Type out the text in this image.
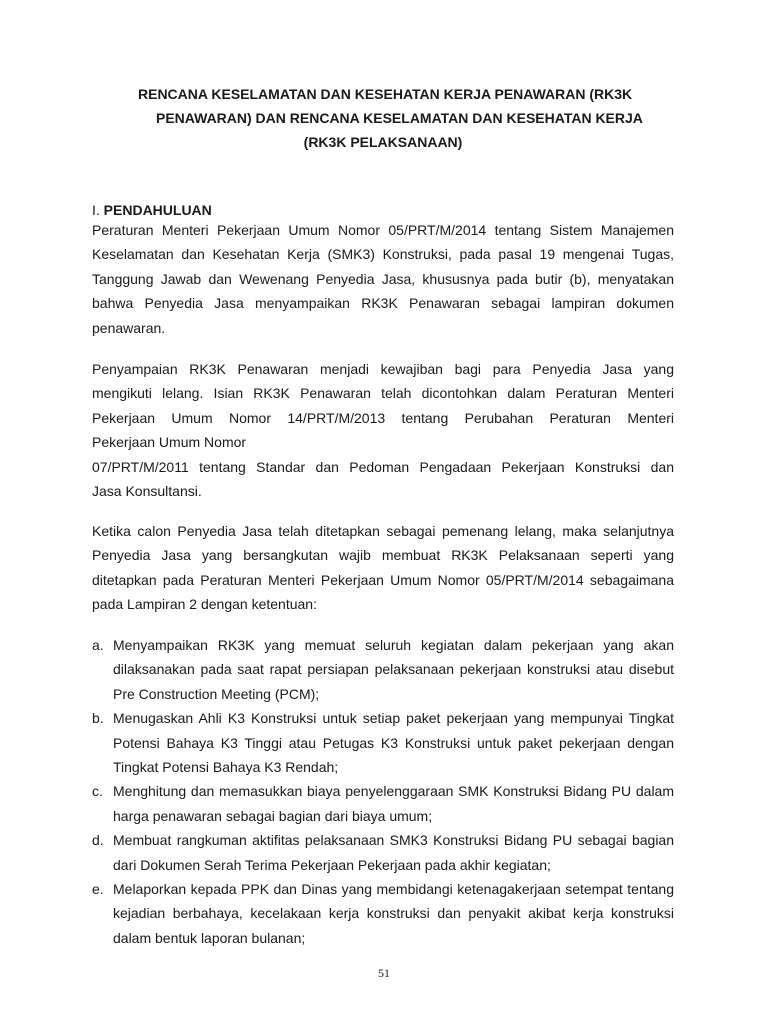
RENCANA KESELAMATAN DAN KESEHATAN KERJA PENAWARAN (RK3K
PENAWARAN) DAN RENCANA KESELAMATAN DAN KESEHATAN KERJA
(RK3K PELAKSANAAN)
I. PENDAHULUAN

Peraturan Menteri Pekerjaan Umum Nomor 05/PRT/M/2014 tentang Sistem Manajemen Keselamatan dan Kesehatan Kerja (SMK3) Konstruksi, pada pasal 19 mengenai Tugas, Tanggung Jawab dan Wewenang Penyedia Jasa, khususnya pada butir (b), menyatakan bahwa Penyedia Jasa menyampaikan RK3K Penawaran sebagai lampiran dokumen penawaran.

Penyampaian RK3K Penawaran menjadi kewajiban bagi para Penyedia Jasa yang
mengikuti lelang. Isian RK3K Penawaran telah dicontohkan dalam Peraturan Menteri
Pekerjaan Umum Nomor 14/PRT/M/2013 tentang Perubahan Peraturan Menteri
Pekerjaan Umum Nomor
07/PRT/M/2011 tentang Standar dan Pedoman Pengadaan Pekerjaan Konstruksi dan
Jasa Konsultansi.

Ketika calon Penyedia Jasa telah ditetapkan sebagai pemenang lelang, maka selanjutnya Penyedia Jasa yang bersangkutan wajib membuat RK3K Pelaksanaan seperti yang ditetapkan pada Peraturan Menteri Pekerjaan Umum Nomor 05/PRT/M/2014 sebagaimana pada Lampiran 2 dengan ketentuan:

a. Menyampaikan RK3K yang memuat seluruh kegiatan dalam pekerjaan yang akan dilaksanakan pada saat rapat persiapan pelaksanaan pekerjaan konstruksi atau disebut Pre Construction Meeting (PCM);
b. Menugaskan Ahli K3 Konstruksi untuk setiap paket pekerjaan yang mempunyai Tingkat Potensi Bahaya K3 Tinggi atau Petugas K3 Konstruksi untuk paket pekerjaan dengan Tingkat Potensi Bahaya K3 Rendah;
c. Menghitung dan memasukkan biaya penyelenggaraan SMK Konstruksi Bidang PU dalam harga penawaran sebagai bagian dari biaya umum;
d. Membuat rangkuman aktifitas pelaksanaan SMK3 Konstruksi Bidang PU sebagai bagian dari Dokumen Serah Terima Pekerjaan Pekerjaan pada akhir kegiatan;
e. Melaporkan kepada PPK dan Dinas yang membidangi ketenagakerjaan setempat tentang kejadian berbahaya, kecelakaan kerja konstruksi dan penyakit akibat kerja konstruksi dalam bentuk laporan bulanan;
51
